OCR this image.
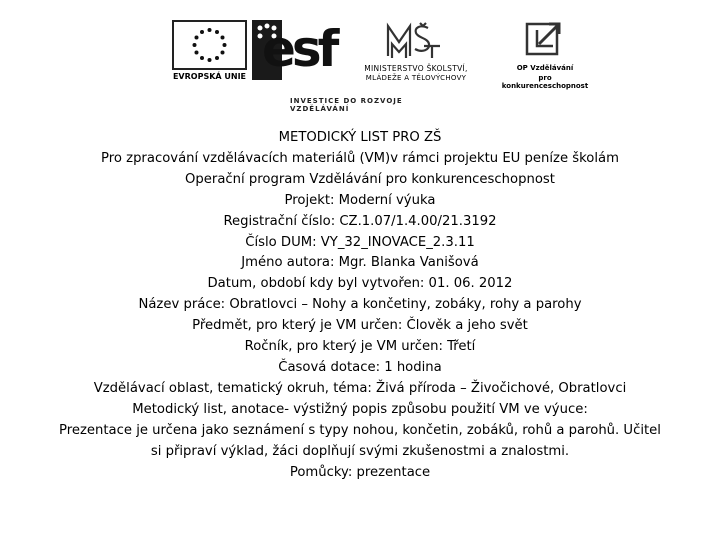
EVROPSKÁ UNIE esf	MINISTERSTVO ŠKOLSTVÍ,
MLÁDEŽE A TĚLOVÝCHOVY
OP Vzdělávání
pro konkurenceschopnost
INVESTICE DO ROZVOJE VZDĚLÁVÁNÍ
METODICKÝ LIST PRO ZŠ
Pro zpracování vzdělávacích materiálů (VM)v rámci projektu EU peníze školám
Operační program Vzdělávání pro konkurenceschopnost
Projekt: Moderní výuka
Registrační číslo: CZ.1.07/1.4.00/21.3192
Číslo DUM: VY_32_INOVACE_2.3.11
Jméno autora: Mgr. Blanka Vanišová
Datum, období kdy byl vytvořen: 01. 06. 2012
Název práce: Obratlovci – Nohy a končetiny, zobáky, rohy a parohy
Předmět, pro který je VM určen: Člověk a jeho svět
Ročník, pro který je VM určen: Třetí
Časová dotace: 1 hodina
Vzdělávací oblast, tematický okruh, téma: Živá příroda – Živočichové, Obratlovci
Metodický list, anotace- výstižný popis způsobu použití VM ve výuce:
Prezentace je určena jako seznámení s typy nohou, končetin, zobáků, rohů a parohů. Učitel
si připraví výklad, žáci doplňují svými zkušenostmi a znalostmi.
Pomůcky: prezentace
